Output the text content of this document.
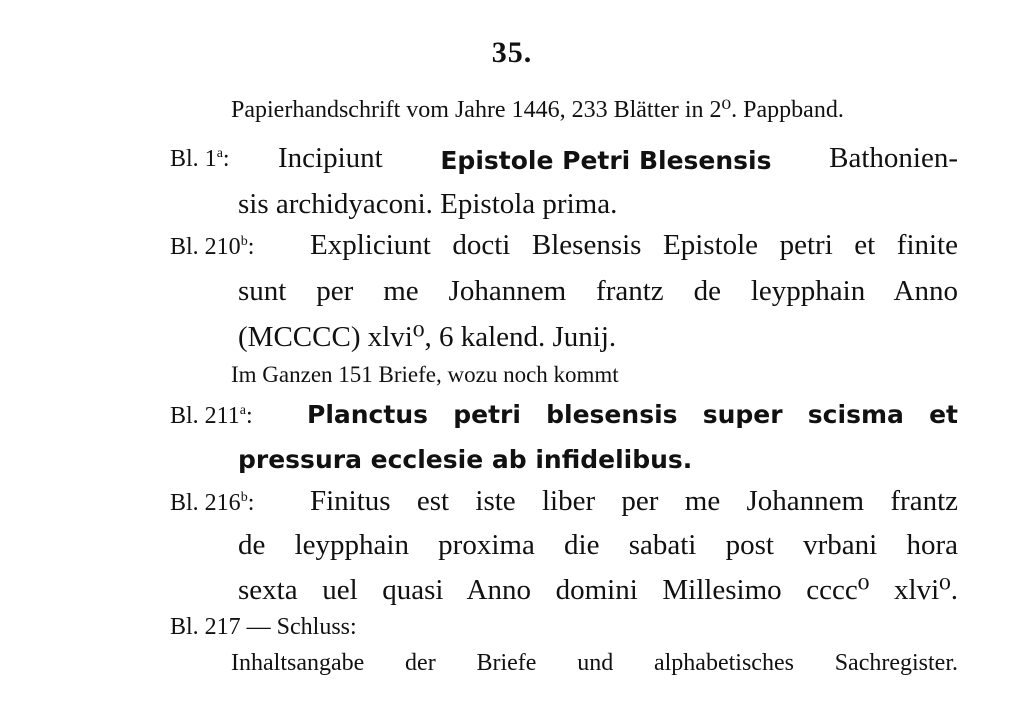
35.
Papierhandschrift vom Jahre 1446, 233 Blätter in 2⁰. Pappband.
Bl. 1$^a$: Incipiunt Epistole Petri Blesensis Bathonien-
sis archidyaconi. Epistola prima.
Bl. 210$^b$: Expliciunt docti Blesensis Epistole petri et finite
sunt per me Johannem frantz de leypphain Anno
(MCCCC) xlvi⁰, 6 kalend. Junij.
Im Ganzen 151 Briefe, wozu noch kommt
Bl. 211$^a$: Planctus petri blesensis super scisma et
pressura ecclesie ab infidelibus.
Bl. 216$^b$: Finitus est iste liber per me Johannem frantz
de leypphain proxima die sabati post vrbani hora
sexta uel quasi Anno domini Millesimo cccc⁰ xlvi⁰.
Bl. 217 — Schluss:
Inhaltsangabe der Briefe und alphabetisches Sachregister.
